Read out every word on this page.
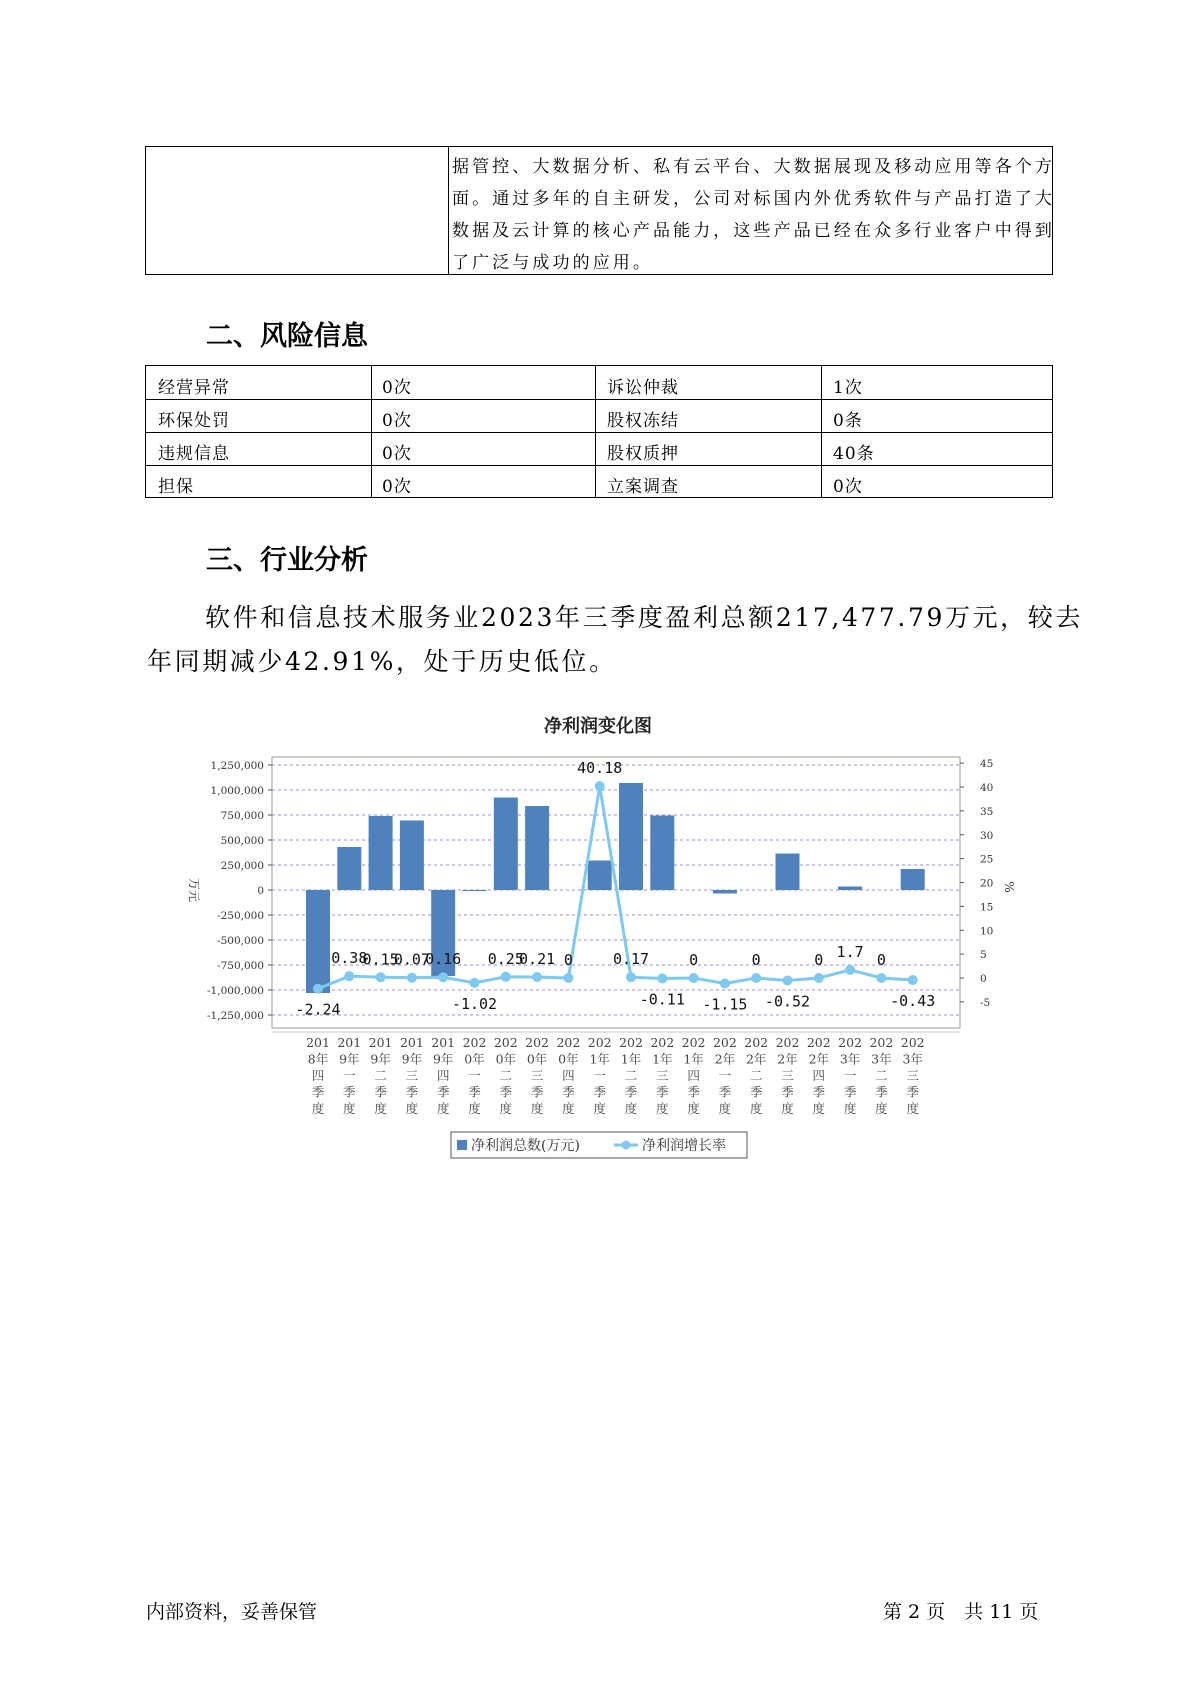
据管控、大数据分析、私有云平台、大数据展现及移动应用等各个方
面。通过多年的自主研发，公司对标国内外优秀软件与产品打造了大
数据及云计算的核心产品能力，这些产品已经在众多行业客户中得到
了广泛与成功的应用。
二、风险信息
经营异常	0次	诉讼仲裁	1次
环保处罚	0次	股权冻结	0条
违规信息	0次	股权质押	40条
担保	0次	立案调查	0次
三、行业分析
软件和信息技术服务业2023年三季度盈利总额217,477.79万元，较去
年同期减少42.91%，处于历史低位。
净利润变化图
1,250,000
1,000,000
750,000
500,000
250,000
0
-250,000
-500,000
-750,000
-1,000,000
-1,250,000
45
40
35
30
25
20
15
10
5
0
-5
万元	%
201
8年
四
季
度
201
9年
一
季
度
201
9年
二
季
度
201
9年
三
季
度
201
9年
四
季
度
202
0年
一
季
度
202
0年
二
季
度
202
0年
三
季
度
202
0年
四
季
度
202
1年
一
季
度
202
1年
二
季
度
202
1年
三
季
度
202
1年
四
季
度
202
2年
一
季
度
202
2年
二
季
度
202
2年
三
季
度
202
2年
四
季
度
202
3年
一
季
度
202
3年
二
季
度
202
3年
三
季
度
-2.24
0.38
0.15
0.07
0.16
-1.02
0.25
0.21 0
40.18
0.17
-0.11
0
-1.15
0
-0.52
0 1.7 0
-0.43
净利润总数(万元)	净利润增长率
内部资料，妥善保管	第 2 页　共 11 页
